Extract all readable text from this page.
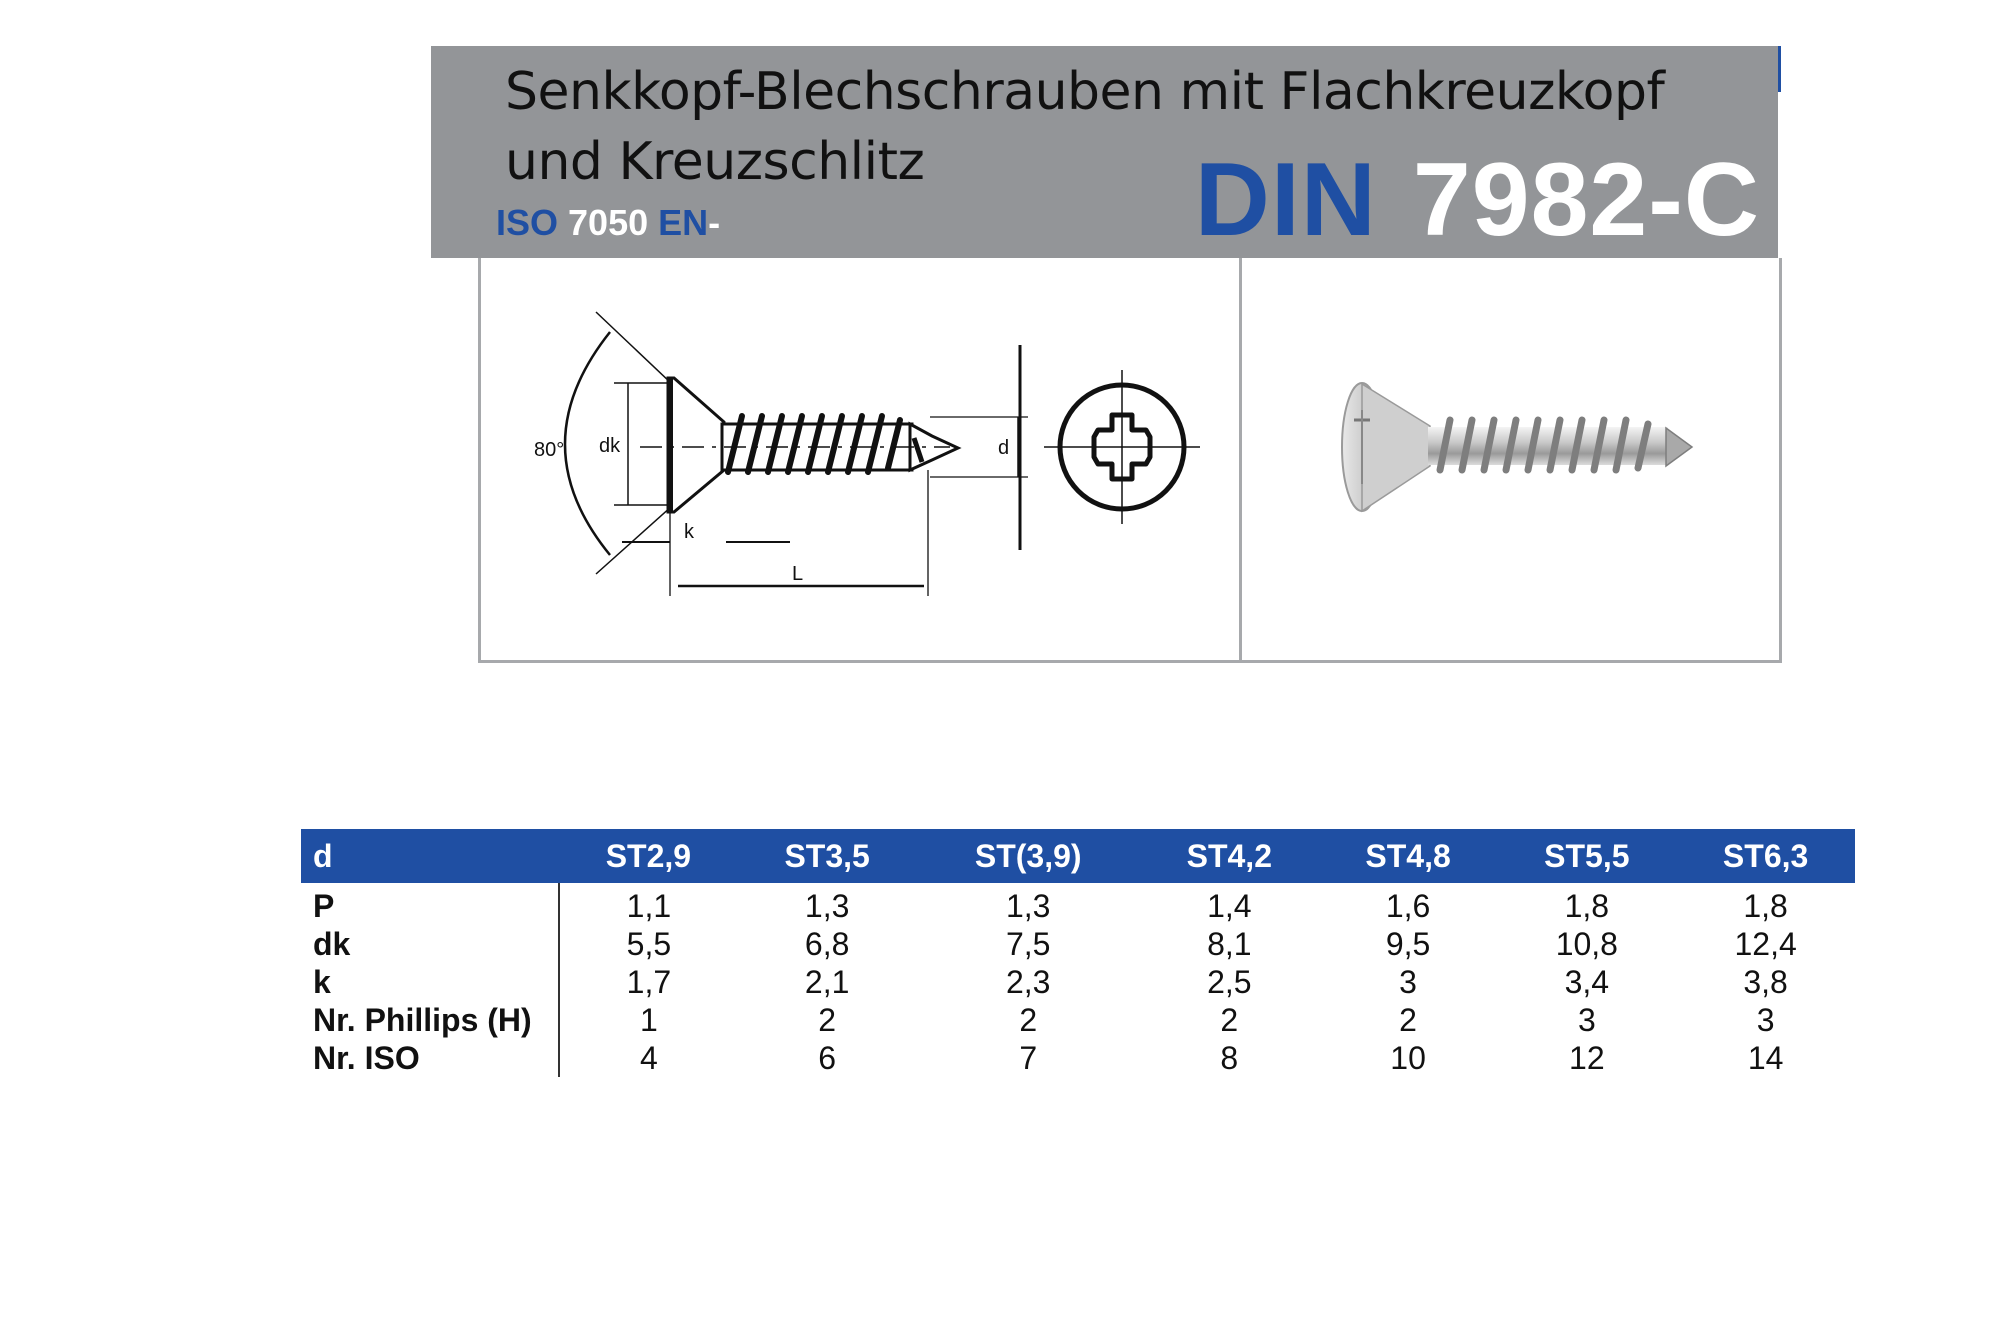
Senkkopf-Blechschrauben mit Flachkreuzkopf
und Kreuzschlitz
ISO 7050 EN-	DIN 7982-C
80° dk	d
k
L
d	ST2,9	ST3,5	ST(3,9)	ST4,2	ST4,8	ST5,5	ST6,3
P	1,1	1,3	1,3	1,4	1,6	1,8	1,8
dk	5,5	6,8	7,5	8,1	9,5	10,8	12,4
k	1,7	2,1	2,3	2,5	3	3,4	3,8
Nr. Phillips (H)	1	2	2	2	2	3	3
Nr. ISO	4	6	7	8	10	12	14
